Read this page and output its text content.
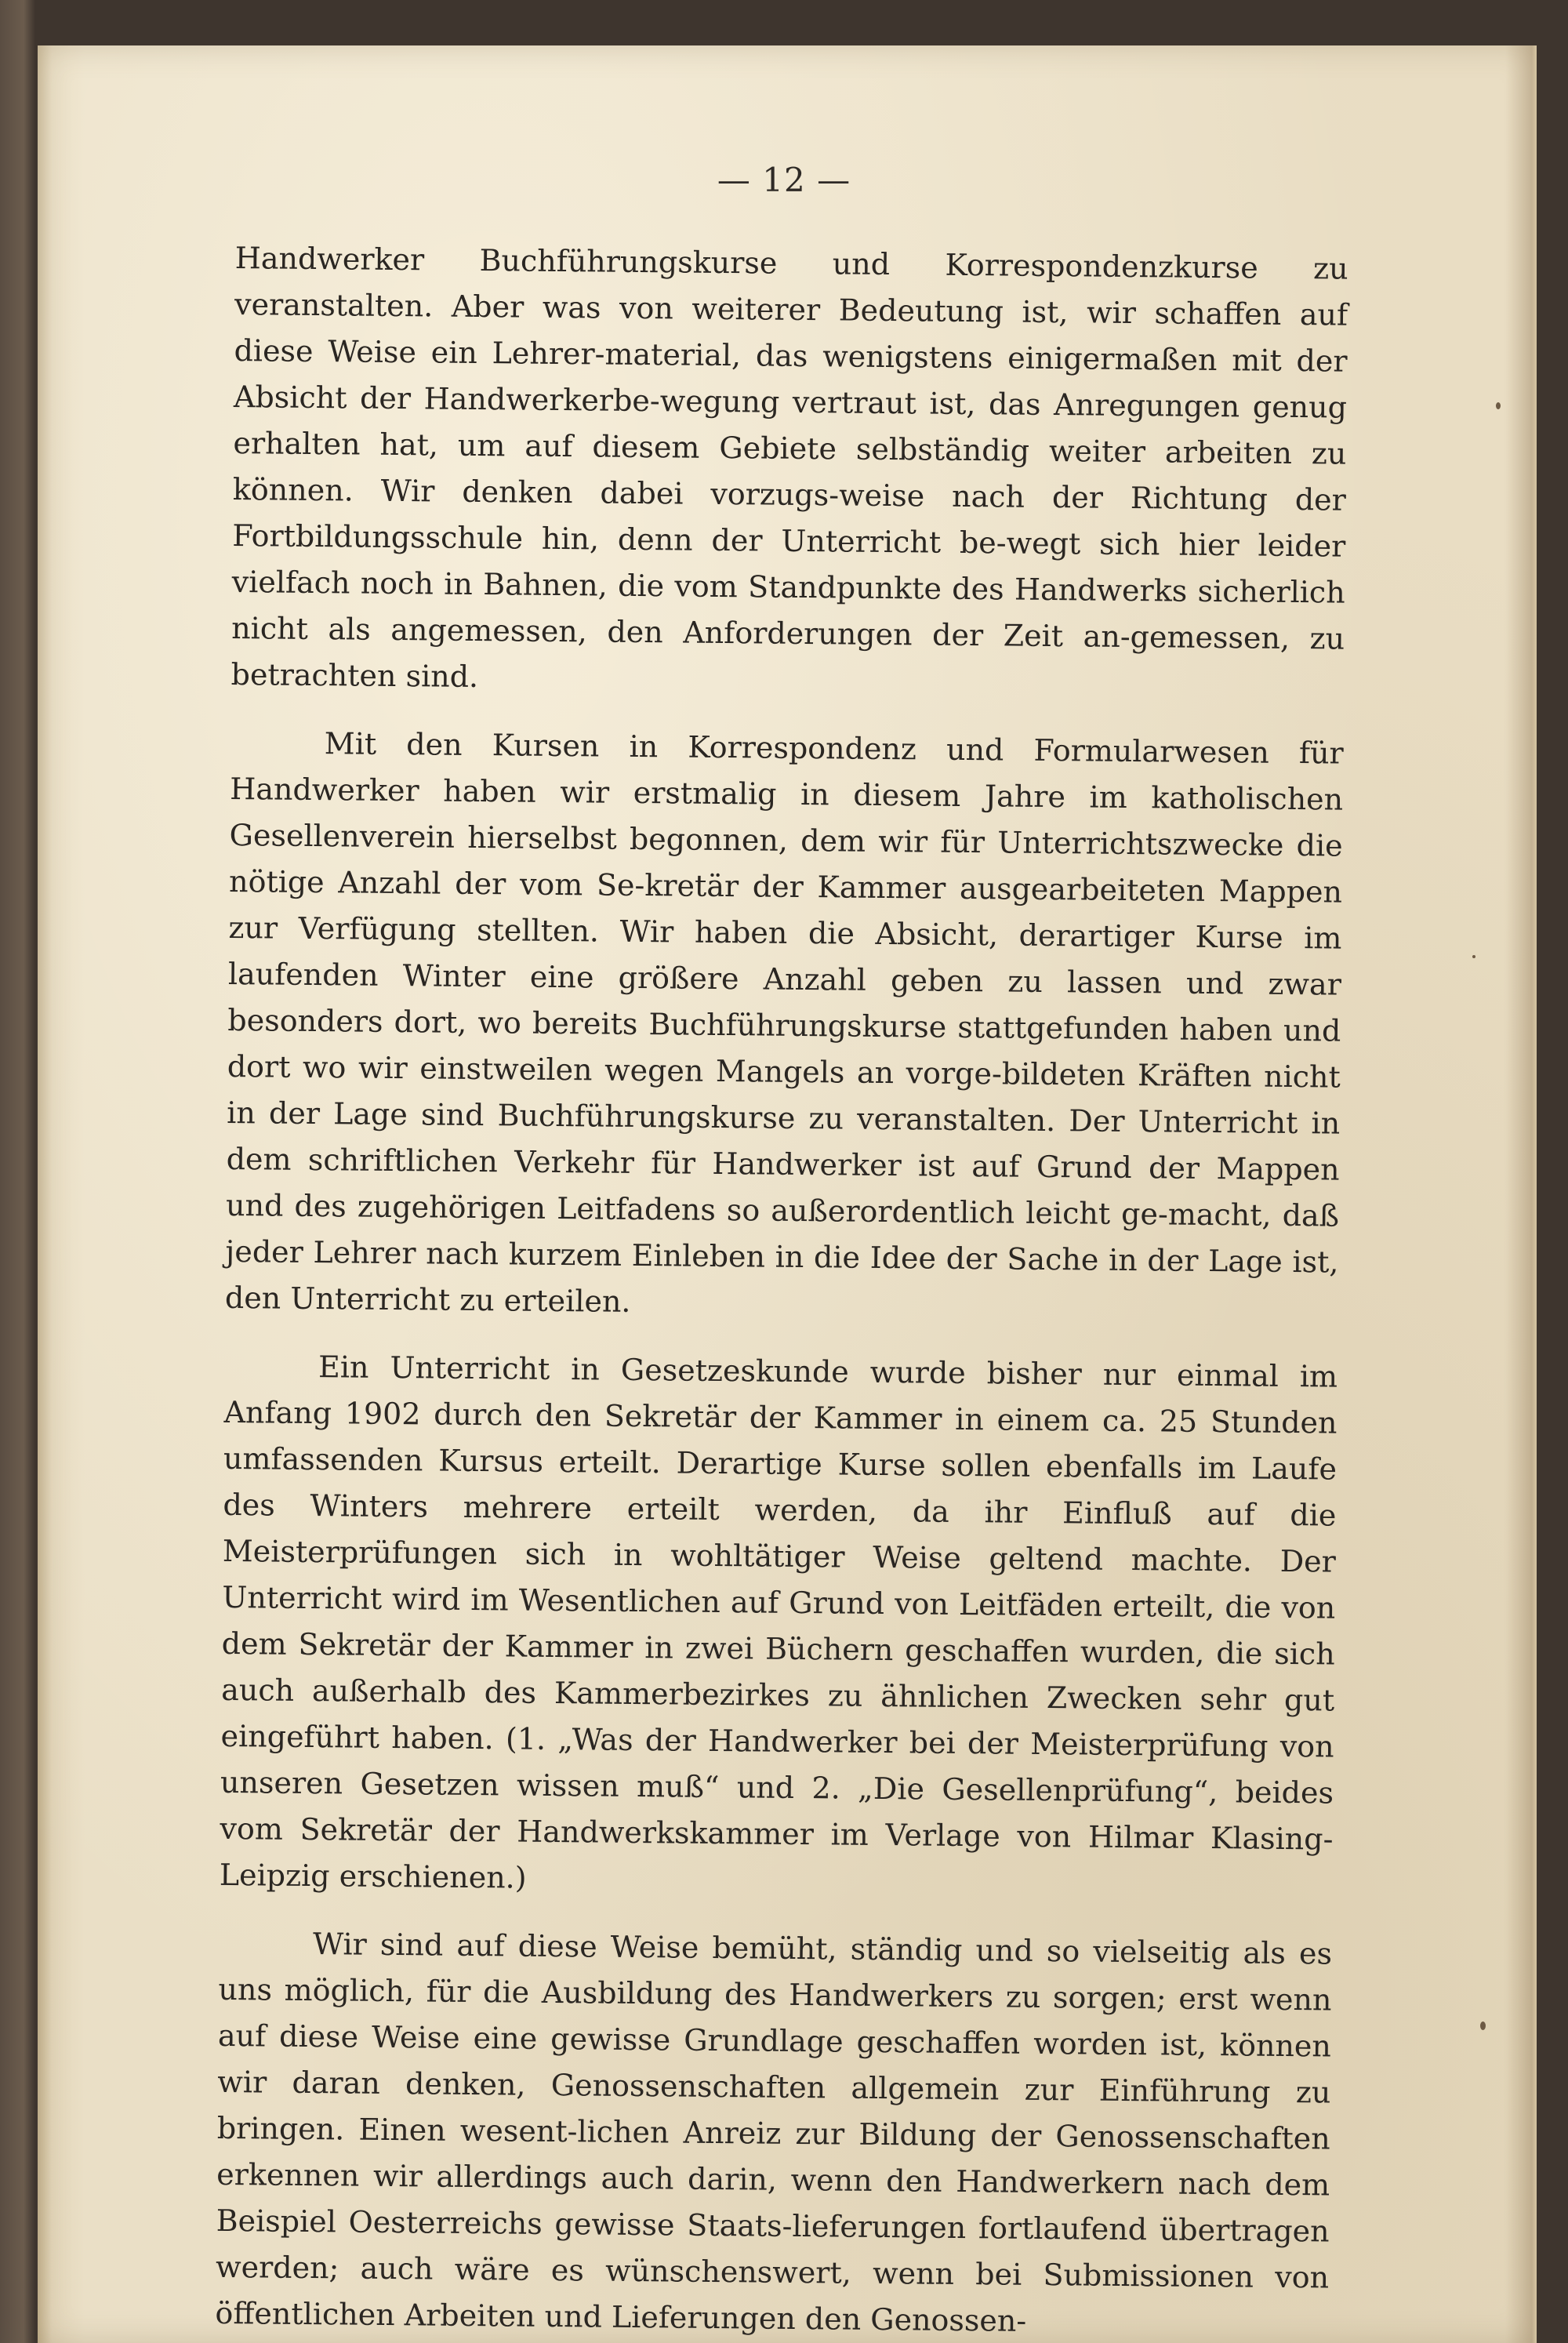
— 12 —

Handwerker Buchführungskurse und Korrespondenzkurse zu veranstalten. Aber was von weiterer Bedeutung ist, wir schaffen auf diese Weise ein Lehrer-material, das wenigstens einigermaßen mit der Absicht der Handwerkerbe-wegung vertraut ist, das Anregungen genug erhalten hat, um auf diesem Gebiete selbständig weiter arbeiten zu können. Wir denken dabei vorzugs-weise nach der Richtung der Fortbildungsschule hin, denn der Unterricht be-wegt sich hier leider vielfach noch in Bahnen, die vom Standpunkte des Handwerks sicherlich nicht als angemessen, den Anforderungen der Zeit an-gemessen, zu betrachten sind.

Mit den Kursen in Korrespondenz und Formularwesen für Handwerker haben wir erstmalig in diesem Jahre im katholischen Gesellenverein hierselbst begonnen, dem wir für Unterrichtszwecke die nötige Anzahl der vom Se-kretär der Kammer ausgearbeiteten Mappen zur Verfügung stellten. Wir haben die Absicht, derartiger Kurse im laufenden Winter eine größere Anzahl geben zu lassen und zwar besonders dort, wo bereits Buchführungskurse stattgefunden haben und dort wo wir einstweilen wegen Mangels an vorge-bildeten Kräften nicht in der Lage sind Buchführungskurse zu veranstalten. Der Unterricht in dem schriftlichen Verkehr für Handwerker ist auf Grund der Mappen und des zugehörigen Leitfadens so außerordentlich leicht ge-macht, daß jeder Lehrer nach kurzem Einleben in die Idee der Sache in der Lage ist, den Unterricht zu erteilen.

Ein Unterricht in Gesetzeskunde wurde bisher nur einmal im Anfang 1902 durch den Sekretär der Kammer in einem ca. 25 Stunden umfassenden Kursus erteilt. Derartige Kurse sollen ebenfalls im Laufe des Winters mehrere erteilt werden, da ihr Einfluß auf die Meisterprüfungen sich in wohltätiger Weise geltend machte. Der Unterricht wird im Wesentlichen auf Grund von Leitfäden erteilt, die von dem Sekretär der Kammer in zwei Büchern geschaffen wurden, die sich auch außerhalb des Kammerbezirkes zu ähnlichen Zwecken sehr gut eingeführt haben. (1. „Was der Handwerker bei der Meisterprüfung von unseren Gesetzen wissen muß“ und 2. „Die Gesellenprüfung“, beides vom Sekretär der Handwerkskammer im Verlage von Hilmar Klasing-Leipzig erschienen.)

Wir sind auf diese Weise bemüht, ständig und so vielseitig als es uns möglich, für die Ausbildung des Handwerkers zu sorgen; erst wenn auf diese Weise eine gewisse Grundlage geschaffen worden ist, können wir daran denken, Genossenschaften allgemein zur Einführung zu bringen. Einen wesent-lichen Anreiz zur Bildung der Genossenschaften erkennen wir allerdings auch darin, wenn den Handwerkern nach dem Beispiel Oesterreichs gewisse Staats-lieferungen fortlaufend übertragen werden; auch wäre es wünschenswert, wenn bei Submissionen von öffentlichen Arbeiten und Lieferungen den Genossen-
